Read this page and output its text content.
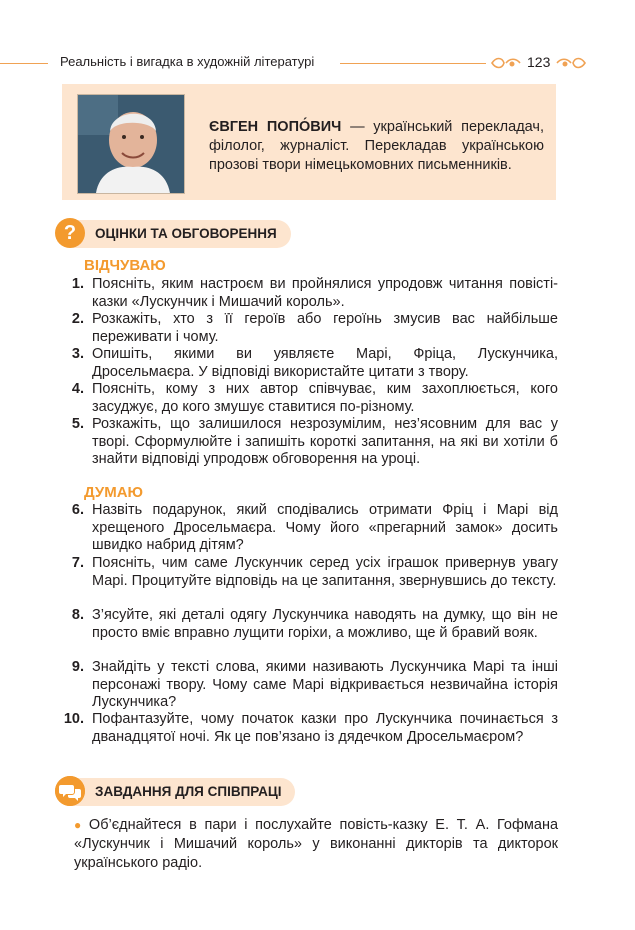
Реальність і вигадка в художній літературі	123
ЄВГЕН ПОПО́ВИЧ — український перекладач, філолог, журналіст. Перекладав українською прозові твори німецькомовних письменників.
ОЦІНКИ ТА ОБГОВОРЕННЯ
?
ВІДЧУВАЮ
1. Поясніть, яким настроєм ви пройнялися упродовж читання повісті-казки «Лускунчик і Мишачий король».
2. Розкажіть, хто з її героїв або героїнь змусив вас найбільше переживати і чому.
3. Опишіть, якими ви уявляєте Марі, Фріца, Лускунчика, Дросельмаєра. У відповіді використайте цитати з твору.
4. Поясніть, кому з них автор співчуває, ким захоплюється, кого засуджує, до кого змушує ставитися по-різному.
5. Розкажіть, що залишилося незрозумілим, нез’ясовним для вас у творі. Сформулюйте і запишіть короткі запитання, на які ви хотіли б знайти відповіді упродовж обговорення на уроці.
ДУМАЮ
6. Назвіть подарунок, який сподівались отримати Фріц і Марі від хрещеного Дросельмаєра. Чому його «прегарний замок» досить швидко набрид дітям?
7. Поясніть, чим саме Лускунчик серед усіх іграшок привернув увагу Марі. Процитуйте відповідь на це запитання, звернувшись до тексту.
8. З’ясуйте, які деталі одягу Лускунчика наводять на думку, що він не просто вміє вправно лущити горіхи, а можливо, ще й бравий вояк.
9. Знайдіть у тексті слова, якими називають Лускунчика Марі та інші персонажі твору. Чому саме Марі відкривається незвичайна історія Лускунчика?
10. Пофантазуйте, чому початок казки про Лускунчика починається з дванадцятої ночі. Як це пов’язано із дядечком Дросельмаєром?
ЗАВДАННЯ ДЛЯ СПІВПРАЦІ
● Об’єднайтеся в пари і послухайте повість-казку Е. Т. А. Гофмана «Лускунчик і Мишачий король» у виконанні дикторів та дикторок українського радіо.
